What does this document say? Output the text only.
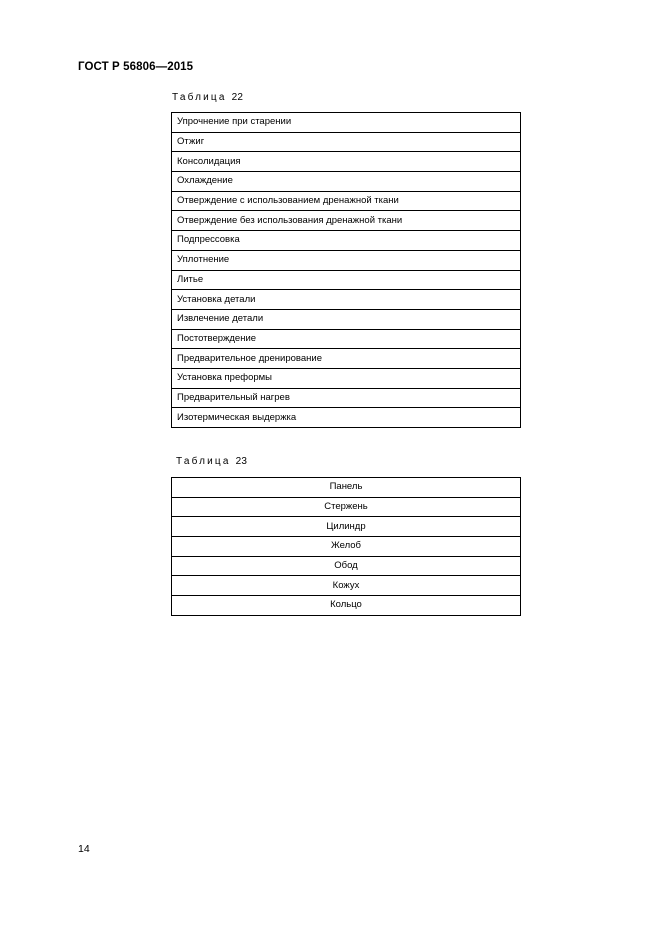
ГОСТ Р 56806—2015
Таблица 22
Упрочнение при старении
Отжиг
Консолидация
Охлаждение
Отверждение с использованием дренажной ткани
Отверждение без использования дренажной ткани
Подпрессовка
Уплотнение
Литье
Установка детали
Извлечение детали
Постотверждение
Предварительное дренирование
Установка преформы
Предварительный нагрев
Изотермическая выдержка
Таблица 23
Панель
Стержень
Цилиндр
Желоб
Обод
Кожух
Кольцо
14
